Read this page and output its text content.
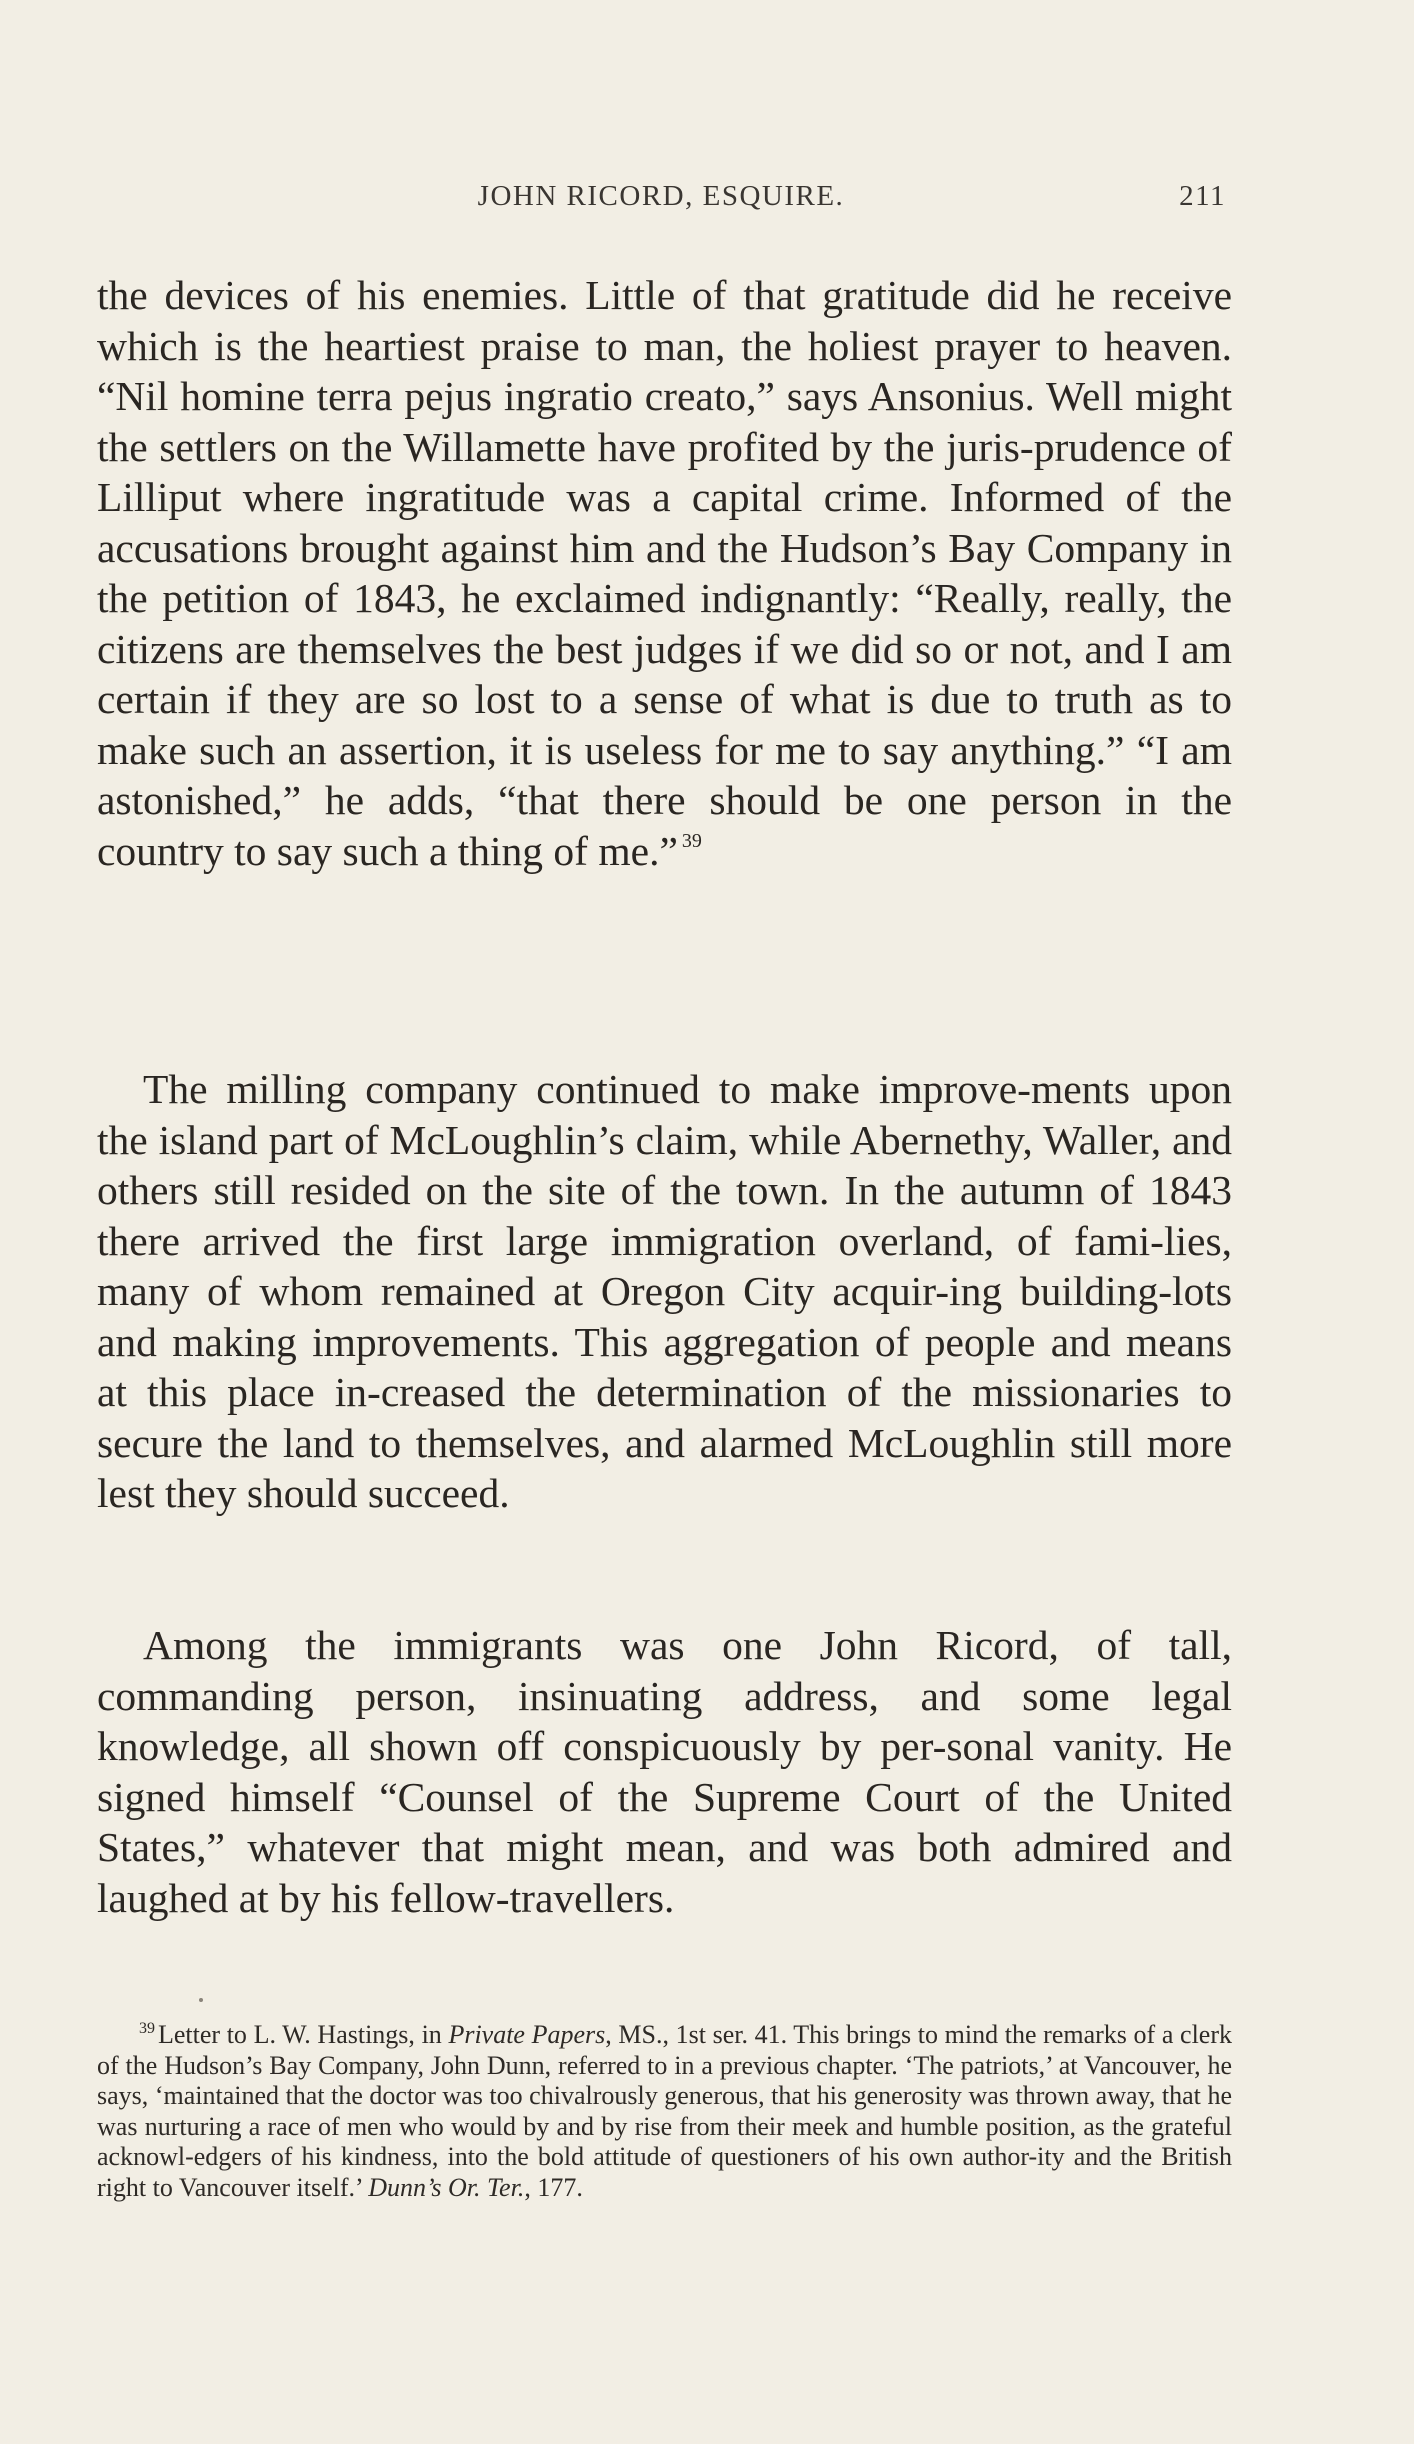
JOHN RICORD, ESQUIRE.	211

the devices of his enemies. Little of that gratitude did he receive which is the heartiest praise to man, the holiest prayer to heaven. “Nil homine terra pejus ingratio creato,” says Ansonius. Well might the settlers on the Willamette have profited by the juris-prudence of Lilliput where ingratitude was a capital crime. Informed of the accusations brought against him and the Hudson’s Bay Company in the petition of 1843, he exclaimed indignantly: “Really, really, the citizens are themselves the best judges if we did so or not, and I am certain if they are so lost to a sense of what is due to truth as to make such an assertion, it is useless for me to say anything.” “I am astonished,” he adds, “that there should be one person in the country to say such a thing of me.” $^{39}$

The milling company continued to make improve-ments upon the island part of McLoughlin’s claim, while Abernethy, Waller, and others still resided on the site of the town. In the autumn of 1843 there arrived the first large immigration overland, of fami-lies, many of whom remained at Oregon City acquir-ing building-lots and making improvements. This aggregation of people and means at this place in-creased the determination of the missionaries to secure the land to themselves, and alarmed McLoughlin still more lest they should succeed.

Among the immigrants was one John Ricord, of tall, commanding person, insinuating address, and some legal knowledge, all shown off conspicuously by per-sonal vanity. He signed himself “Counsel of the Supreme Court of the United States,” whatever that might mean, and was both admired and laughed at by his fellow-travellers.

$^{39}$ Letter to L. W. Hastings, in Private Papers, MS., 1st ser. 41. This brings to mind the remarks of a clerk of the Hudson’s Bay Company, John Dunn, referred to in a previous chapter. ‘The patriots,’ at Vancouver, he says, ‘maintained that the doctor was too chivalrously generous, that his generosity was thrown away, that he was nurturing a race of men who would by and by rise from their meek and humble position, as the grateful acknowl-edgers of his kindness, into the bold attitude of questioners of his own author-ity and the British right to Vancouver itself.’ Dunn’s Or. Ter., 177.
